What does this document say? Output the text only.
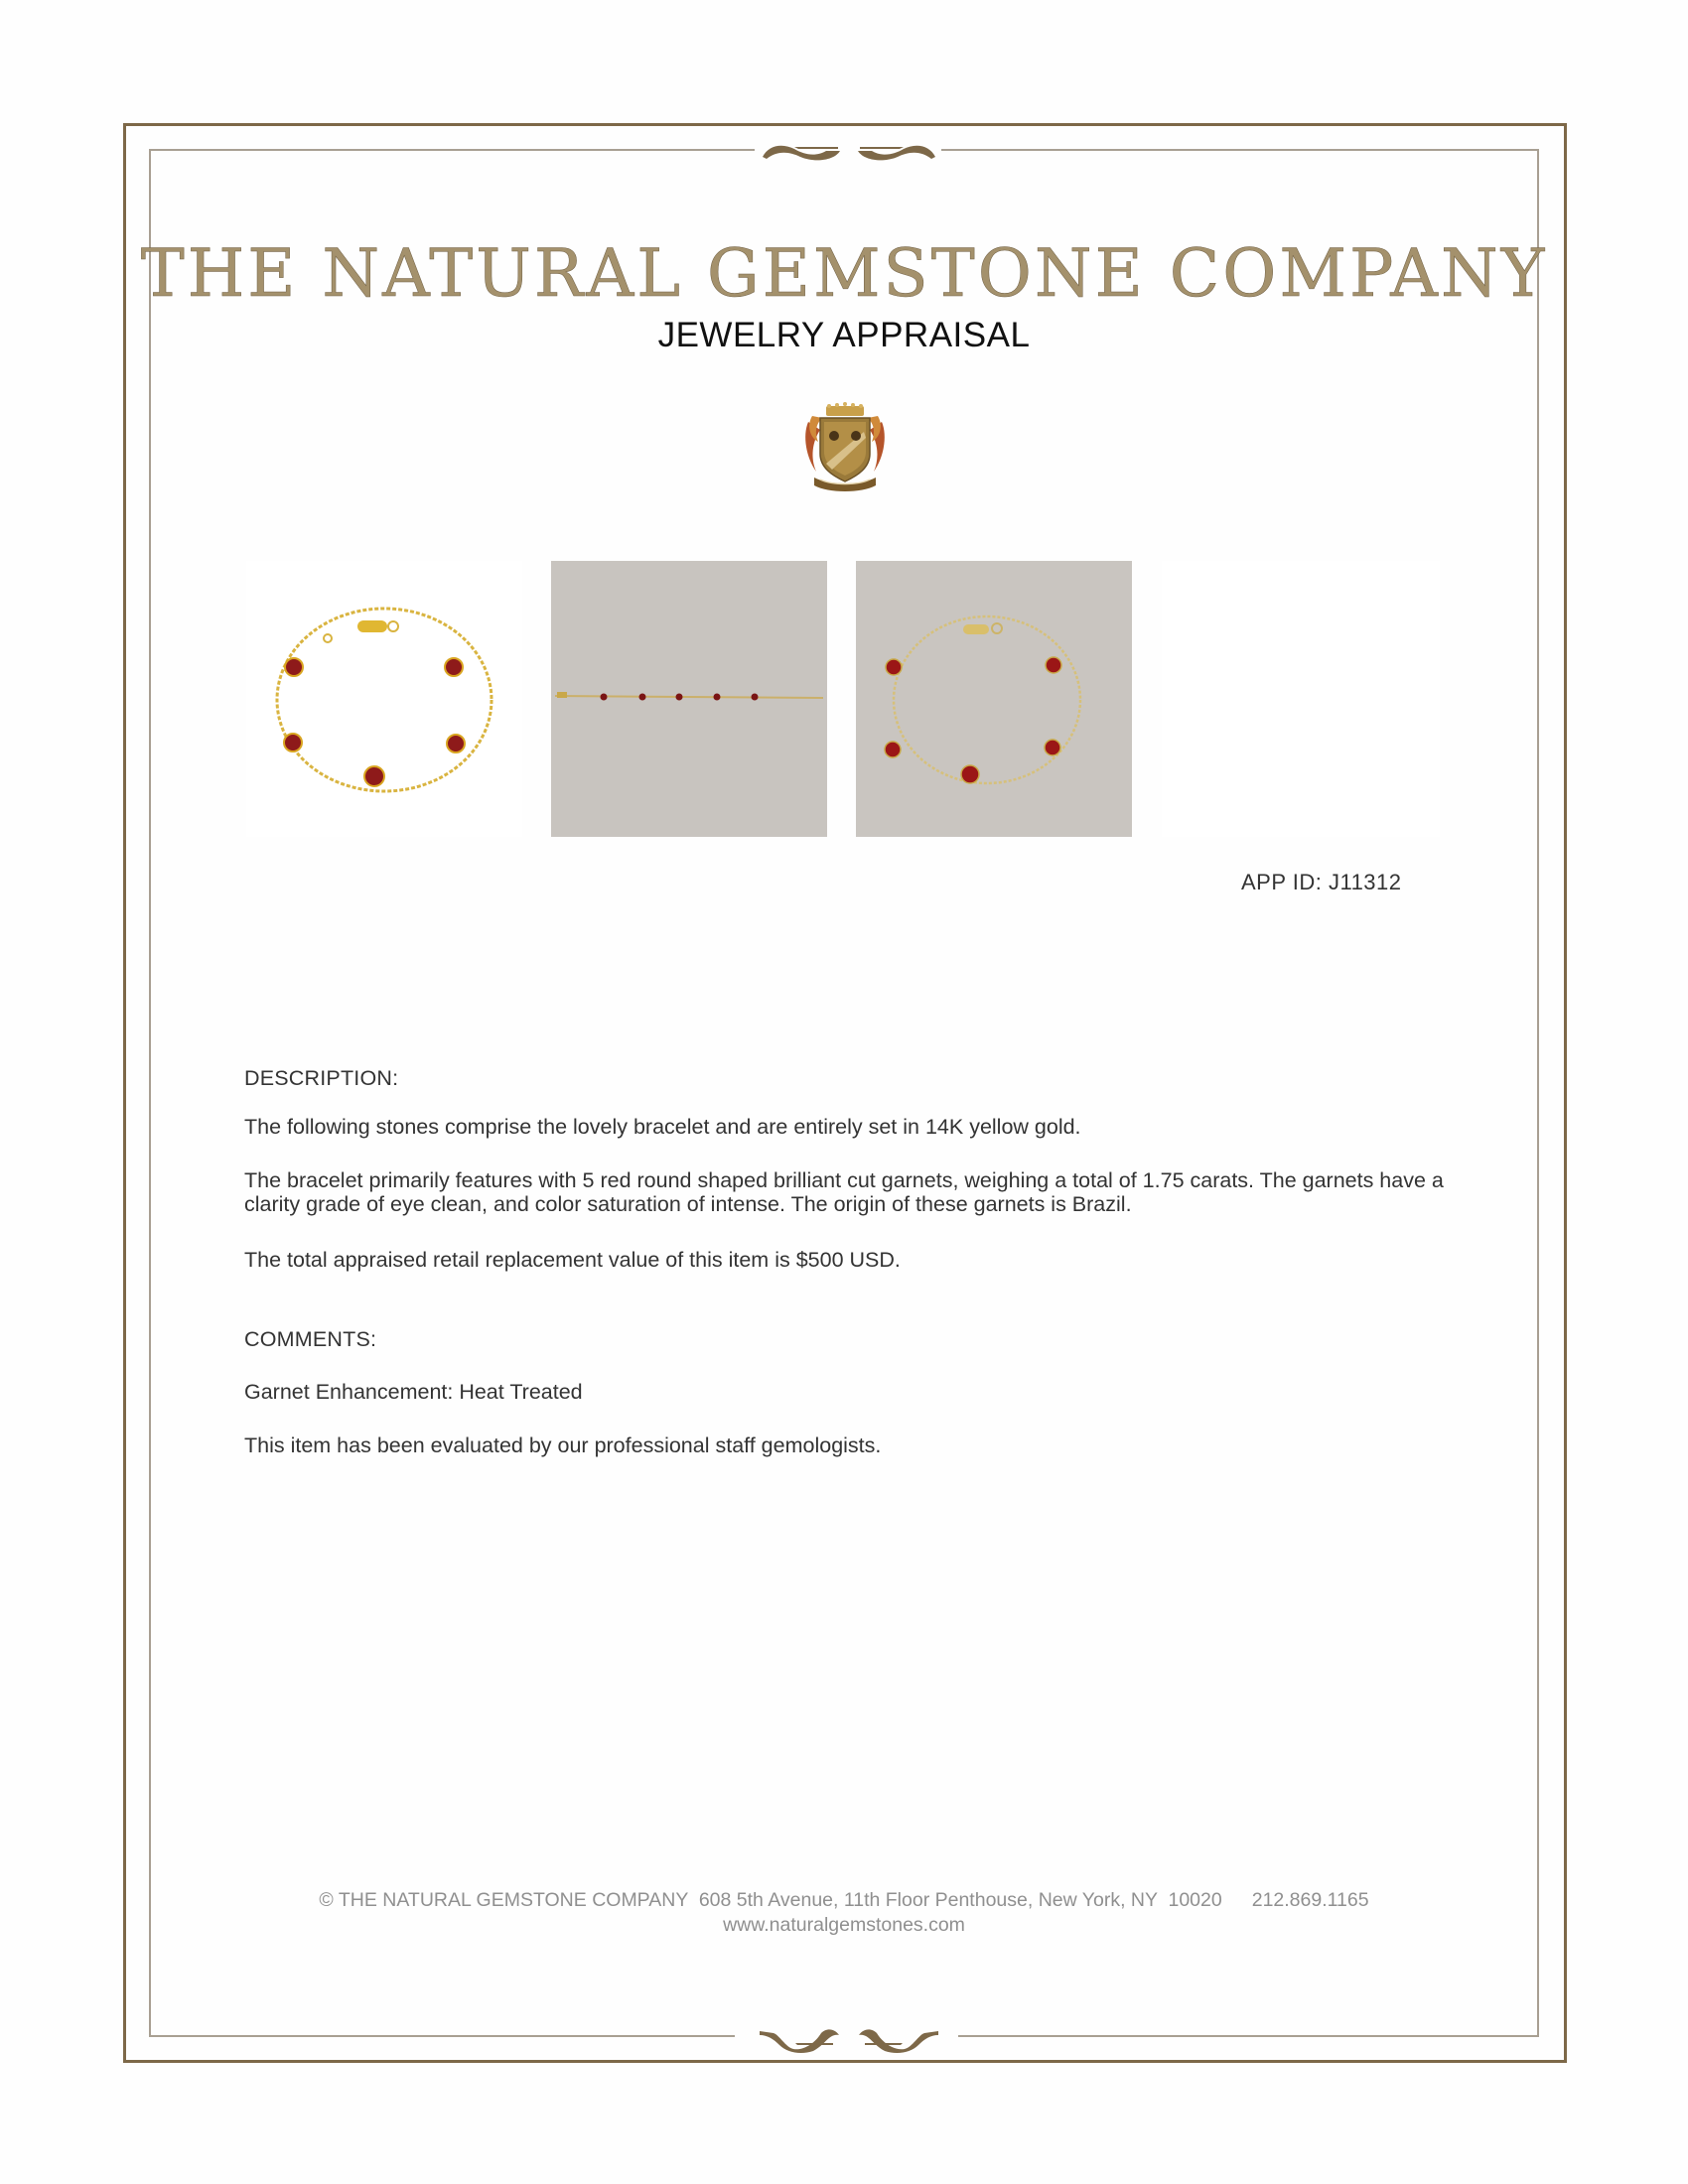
THE NATURAL GEMSTONE COMPANY
JEWELRY APPRAISAL
APP ID: J11312
DESCRIPTION:
The following stones comprise the lovely bracelet and are entirely set in 14K yellow gold.
The bracelet primarily features with 5 red round shaped brilliant cut garnets, weighing a total of 1.75 carats. The garnets have a clarity grade of eye clean, and color saturation of intense. The origin of these garnets is Brazil.
The total appraised retail replacement value of this item is $500 USD.
COMMENTS:
Garnet Enhancement: Heat Treated
This item has been evaluated by our professional staff gemologists.
© THE NATURAL GEMSTONE COMPANY  608 5th Avenue, 11th Floor Penthouse, New York, NY  10020 212.869.1165
www.naturalgemstones.com
